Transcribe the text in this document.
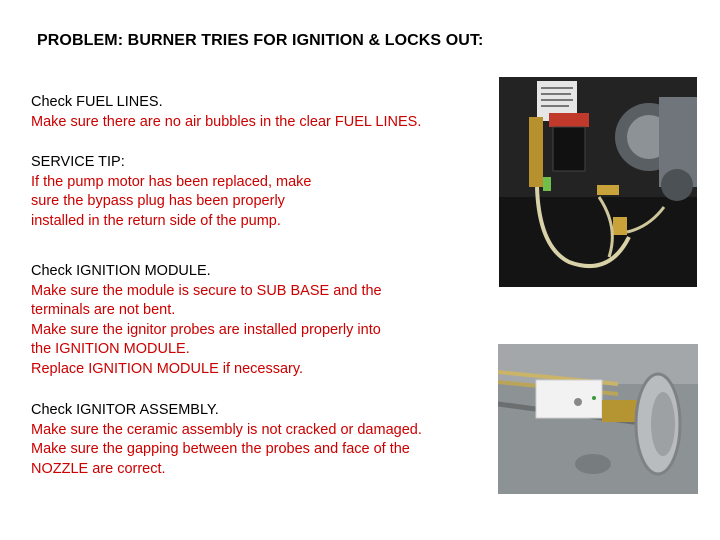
PROBLEM: BURNER TRIES FOR IGNITION & LOCKS OUT:
Check FUEL LINES.
Make sure there are no air bubbles in the clear FUEL LINES.
SERVICE TIP:
If the pump motor has been replaced, make
sure the bypass plug has been properly
installed in the return side of the pump.
Check IGNITION MODULE.
Make sure the module is secure to SUB BASE and the
terminals are not bent.
Make sure the ignitor probes are installed properly into
the IGNITION MODULE.
Replace IGNITION MODULE if necessary.
Check IGNITOR ASSEMBLY.
Make sure the ceramic assembly is not cracked or damaged.
Make sure the gapping between the probes and face of the
NOZZLE are correct.
